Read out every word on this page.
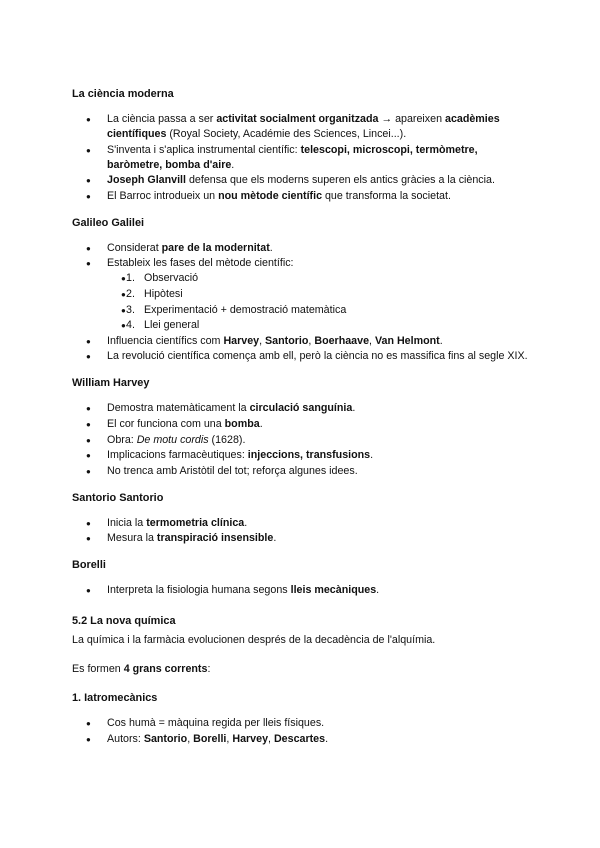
La ciència moderna
● La ciència passa a ser activitat socialment organitzada → apareixen acadèmies científiques (Royal Society, Académie des Sciences, Lincei...).
● S'inventa i s'aplica instrumental científic: telescopi, microscopi, termòmetre, baròmetre, bomba d'aire.
● Joseph Glanvill defensa que els moderns superen els antics gràcies a la ciència.
● El Barroc introdueix un nou mètode científic que transforma la societat.
Galileo Galilei
● Considerat pare de la modernitat.
● Estableix les fases del mètode científic:
● 1. Observació
● 2. Hipòtesi
● 3. Experimentació + demostració matemàtica
● 4. Llei general
● Influencia científics com Harvey, Santorio, Boerhaave, Van Helmont.
● La revolució científica comença amb ell, però la ciència no es massifica fins al segle XIX.
William Harvey
● Demostra matemàticament la circulació sanguínia.
● El cor funciona com una bomba.
● Obra: De motu cordis (1628).
● Implicacions farmacèutiques: injeccions, transfusions.
● No trenca amb Aristòtil del tot; reforça algunes idees.
Santorio Santorio
● Inicia la termometria clínica.
● Mesura la transpiració insensible.
Borelli
● Interpreta la fisiologia humana segons lleis mecàniques.
5.2 La nova química

La química i la farmàcia evolucionen després de la decadència de l'alquímia.

Es formen 4 grans corrents:

1. Iatromecànics
● Cos humà = màquina regida per lleis físiques.
● Autors: Santorio, Borelli, Harvey, Descartes.
